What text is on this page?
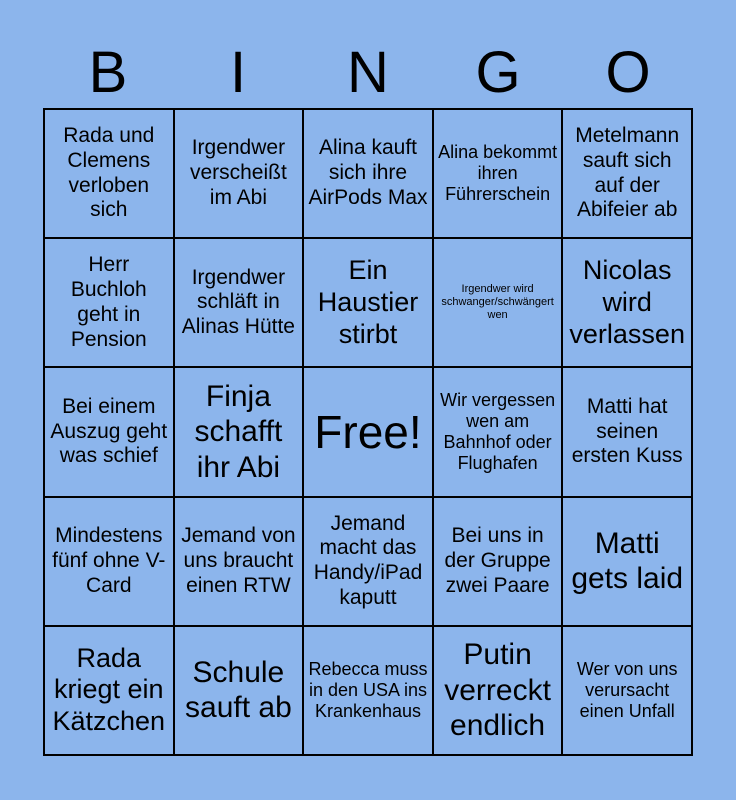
B	I	N	G	O
Rada und Clemens verloben sich
Irgendwer verscheißt im Abi
Alina kauft sich ihre AirPods Max
Alina bekommt ihren Führerschein
Metelmann sauft sich auf der Abifeier ab
Herr Buchloh geht in Pension
Irgendwer schläft in Alinas Hütte
Ein Haustier stirbt
Irgendwer wird schwanger/schwängert wen
Nicolas wird verlassen
Bei einem Auszug geht was schief
Finja schafft ihr Abi
Free!
Wir vergessen wen am Bahnhof oder Flughafen
Matti hat seinen ersten Kuss
Mindestens fünf ohne V-Card
Jemand von uns braucht einen RTW
Jemand macht das Handy/iPad kaputt
Bei uns in der Gruppe zwei Paare
Matti gets laid
Rada kriegt ein Kätzchen
Schule sauft ab
Rebecca muss in den USA ins Krankenhaus
Putin verreckt endlich
Wer von uns verursacht einen Unfall
